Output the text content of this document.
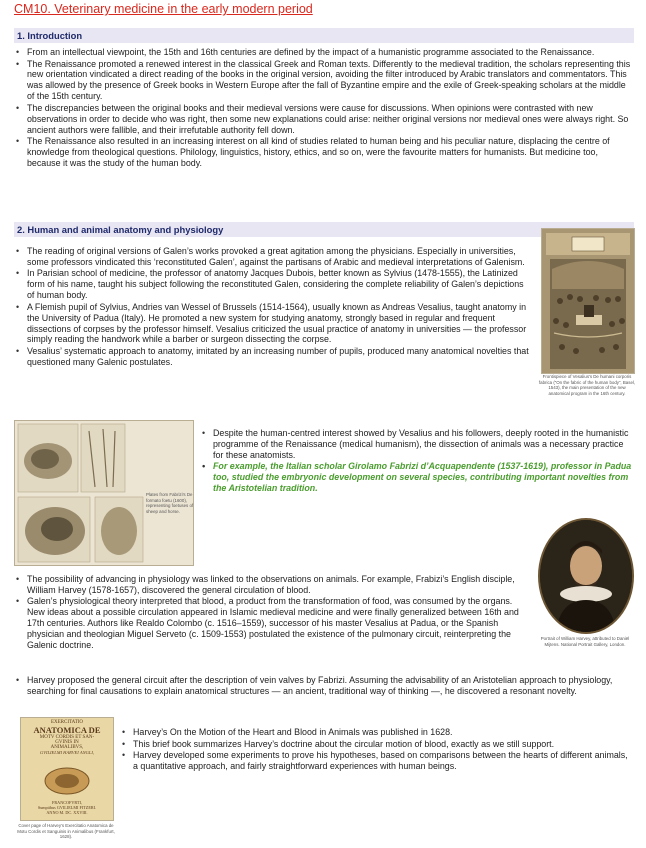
CM10. Veterinary medicine in the early modern period
1. Introduction
• From an intellectual viewpoint, the 15th and 16th centuries are defined by the impact of a humanistic programme associated to the Renaissance.
• The Renaissance promoted a renewed interest in the classical Greek and Roman texts. Differently to the medieval tradition, the scholars representing this new orientation vindicated a direct reading of the books in the original version, avoiding the filter introduced by Arabic translators and commentators. This was allowed by the presence of Greek books in Western Europe after the fall of Byzantine empire and the exile of Greek-speaking scholars at the middle of the 15th century.
• The discrepancies between the original books and their medieval versions were cause for discussions. When opinions were contrasted with new observations in order to decide who was right, then some new explanations could arise: neither original versions nor medieval ones were always right. So ancient authors were fallible, and their irrefutable authority fell down.
• The Renaissance also resulted in an increasing interest on all kind of studies related to human being and his peculiar nature, displacing the centre of knowledge from theological questions. Philology, linguistics, history, ethics, and so on, were the favourite matters for humanists. But medicine too, because it was the study of the human body.
2. Human and animal anatomy and physiology
• The reading of original versions of Galen’s works provoked a great agitation among the physicians. Especially in universities, some professors vindicated this ‘reconstituted Galen’, against the partisans of Arabic and medieval interpretations of Galenism.
• In Parisian school of medicine, the professor of anatomy Jacques Dubois, better known as Sylvius (1478-1555), the Latinized form of his name, taught his subject following the reconstituted Galen, considering the complete reliability of Galen’s depictions of human body.
• A Flemish pupil of Sylvius, Andries van Wessel of Brussels (1514-1564), usually known as Andreas Vesalius, taught anatomy in the University of Padua (Italy). He promoted a new system for studying anatomy, strongly based in regular and frequent dissections of corpses by the professor himself. Vesalius criticized the usual practice of anatomy in universities — the professor simply reading the handwork while a barber or surgeon dissecting the corpse.
• Vesalius’ systematic approach to anatomy, imitated by an increasing number of pupils, produced many anatomical novelties that questioned many Galenic postulates.
Frontispiece of Vesalius's De humani corporis fabrica (“On the fabric of the human body”, Basel, 1543), the main presentation of the new anatomical program in the 16th century.
Plates from Fabrizi's De formato foetu (1600), representing foetuses of sheep and horse.
• Despite the human-centred interest showed by Vesalius and his followers, deeply rooted in the humanistic programme of the Renaissance (medical humanism), the dissection of animals was a necessary practice for these anatomists.
• For example, the Italian scholar Girolamo Fabrizi d’Acquapendente (1537-1619), professor in Padua too, studied the embryonic development on several species, contributing important novelties from the Aristotelian tradition.
Portrait of William Harvey, attributed to Daniël Mijtens. National Portrait Gallery, London.
• The possibility of advancing in physiology was linked to the observations on animals. For example, Frabizi’s English disciple, William Harvey (1578-1657), discovered the general circulation of blood.
• Galen’s physiological theory interpreted that blood, a product from the transformation of food, was consumed by the organs. New ideas about a possible circulation appeared in Islamic medieval medicine and were finally generalized between 16th and 17th centuries. Authors like Realdo Colombo (c. 1516–1559), successor of his master Vesalius at Padua, or the Spanish physician and theologian Miguel Serveto (c. 1509-1553) postulated the existence of the pulmonary circuit, reinterpreting the Galenic doctrine.
• Harvey proposed the general circuit after the description of vein valves by Fabrizi. Assuming the advisability of an Aristotelian approach to physiology, searching for final causations to explain anatomical structures — an ancient, traditional way of thinking —, he discovered a resonant novelty.
EXERCITATIO
ANATOMICA DE
MOTV CORDIS ET SAN-
GVINIS IN
ANIMALIBVS,
GVILIELMI HARVEI ANGLI,
FRANCOFVRTI,
Sumptibus GVILIELMI FITZERI.
ANNO M. DC. XXVIII.
Cover page of Harvey's Exercitatio Anatomica de Motu Cordis et Sanguinis in Animalibus (Frankfurt, 1628).
• Harvey’s On the Motion of the Heart and Blood in Animals was published in 1628.
• This brief book summarizes Harvey’s doctrine about the circular motion of blood, exactly as we still support.
• Harvey developed some experiments to prove his hypotheses, based on comparisons between the hearts of different animals, a quantitative approach, and fairly straightforward experiences with human beings.
